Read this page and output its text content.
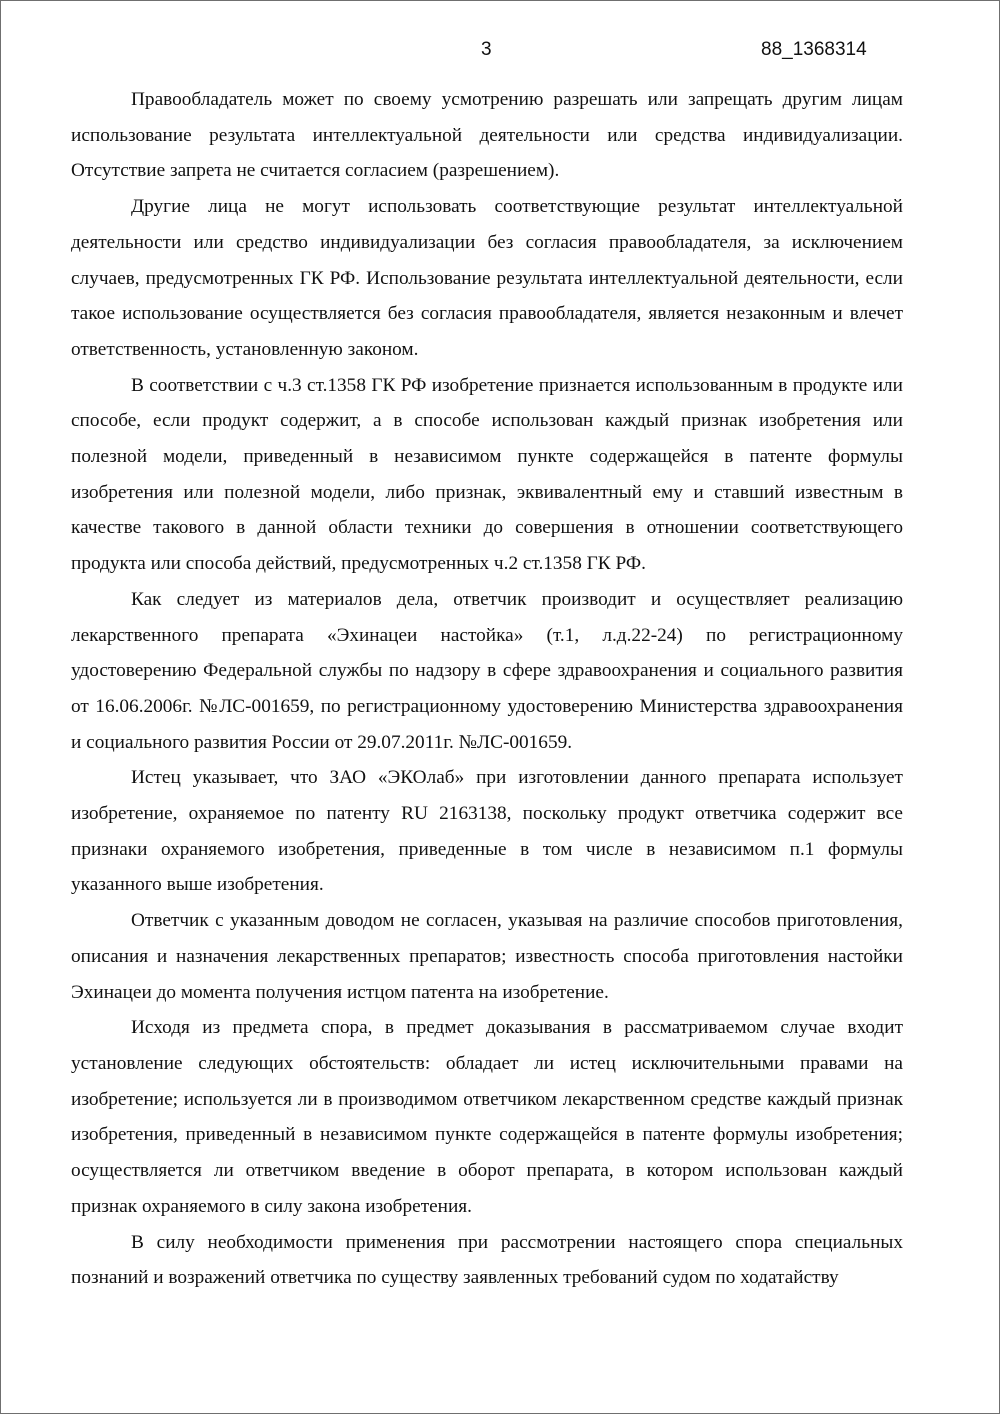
3	88_1368314

Правообладатель может по своему усмотрению разрешать или запрещать другим лицам использование результата интеллектуальной деятельности или средства индивидуализации. Отсутствие запрета не считается согласием (разрешением).

Другие лица не могут использовать соответствующие результат интеллектуальной деятельности или средство индивидуализации без согласия правообладателя, за исключением случаев, предусмотренных ГК РФ. Использование результата интеллектуальной деятельности, если такое использование осуществляется без согласия правообладателя, является незаконным и влечет ответственность, установленную законом.

В соответствии с ч.3 ст.1358 ГК РФ изобретение признается использованным в продукте или способе, если продукт содержит, а в способе использован каждый признак изобретения или полезной модели, приведенный в независимом пункте содержащейся в патенте формулы изобретения или полезной модели, либо признак, эквивалентный ему и ставший известным в качестве такового в данной области техники до совершения в отношении соответствующего продукта или способа действий, предусмотренных ч.2 ст.1358 ГК РФ.

Как следует из материалов дела, ответчик производит и осуществляет реализацию лекарственного препарата «Эхинацеи настойка» (т.1, л.д.22-24) по регистрационному удостоверению Федеральной службы по надзору в сфере здравоохранения и социального развития от 16.06.2006г. №ЛС-001659, по регистрационному удостоверению Министерства здравоохранения и социального развития России от 29.07.2011г. №ЛС-001659.

Истец указывает, что ЗАО «ЭКОлаб» при изготовлении данного препарата использует изобретение, охраняемое по патенту RU 2163138, поскольку продукт ответчика содержит все признаки охраняемого изобретения, приведенные в том числе в независимом п.1 формулы указанного выше изобретения.

Ответчик с указанным доводом не согласен, указывая на различие способов приготовления, описания и назначения лекарственных препаратов; известность способа приготовления настойки Эхинацеи до момента получения истцом патента на изобретение.

Исходя из предмета спора, в предмет доказывания в рассматриваемом случае входит установление следующих обстоятельств: обладает ли истец исключительными правами на изобретение; используется ли в производимом ответчиком лекарственном средстве каждый признак изобретения, приведенный в независимом пункте содержащейся в патенте формулы изобретения; осуществляется ли ответчиком введение в оборот препарата, в котором использован каждый признак охраняемого в силу закона изобретения.

В силу необходимости применения при рассмотрении настоящего спора специальных познаний и возражений ответчика по существу заявленных требований судом по ходатайству
